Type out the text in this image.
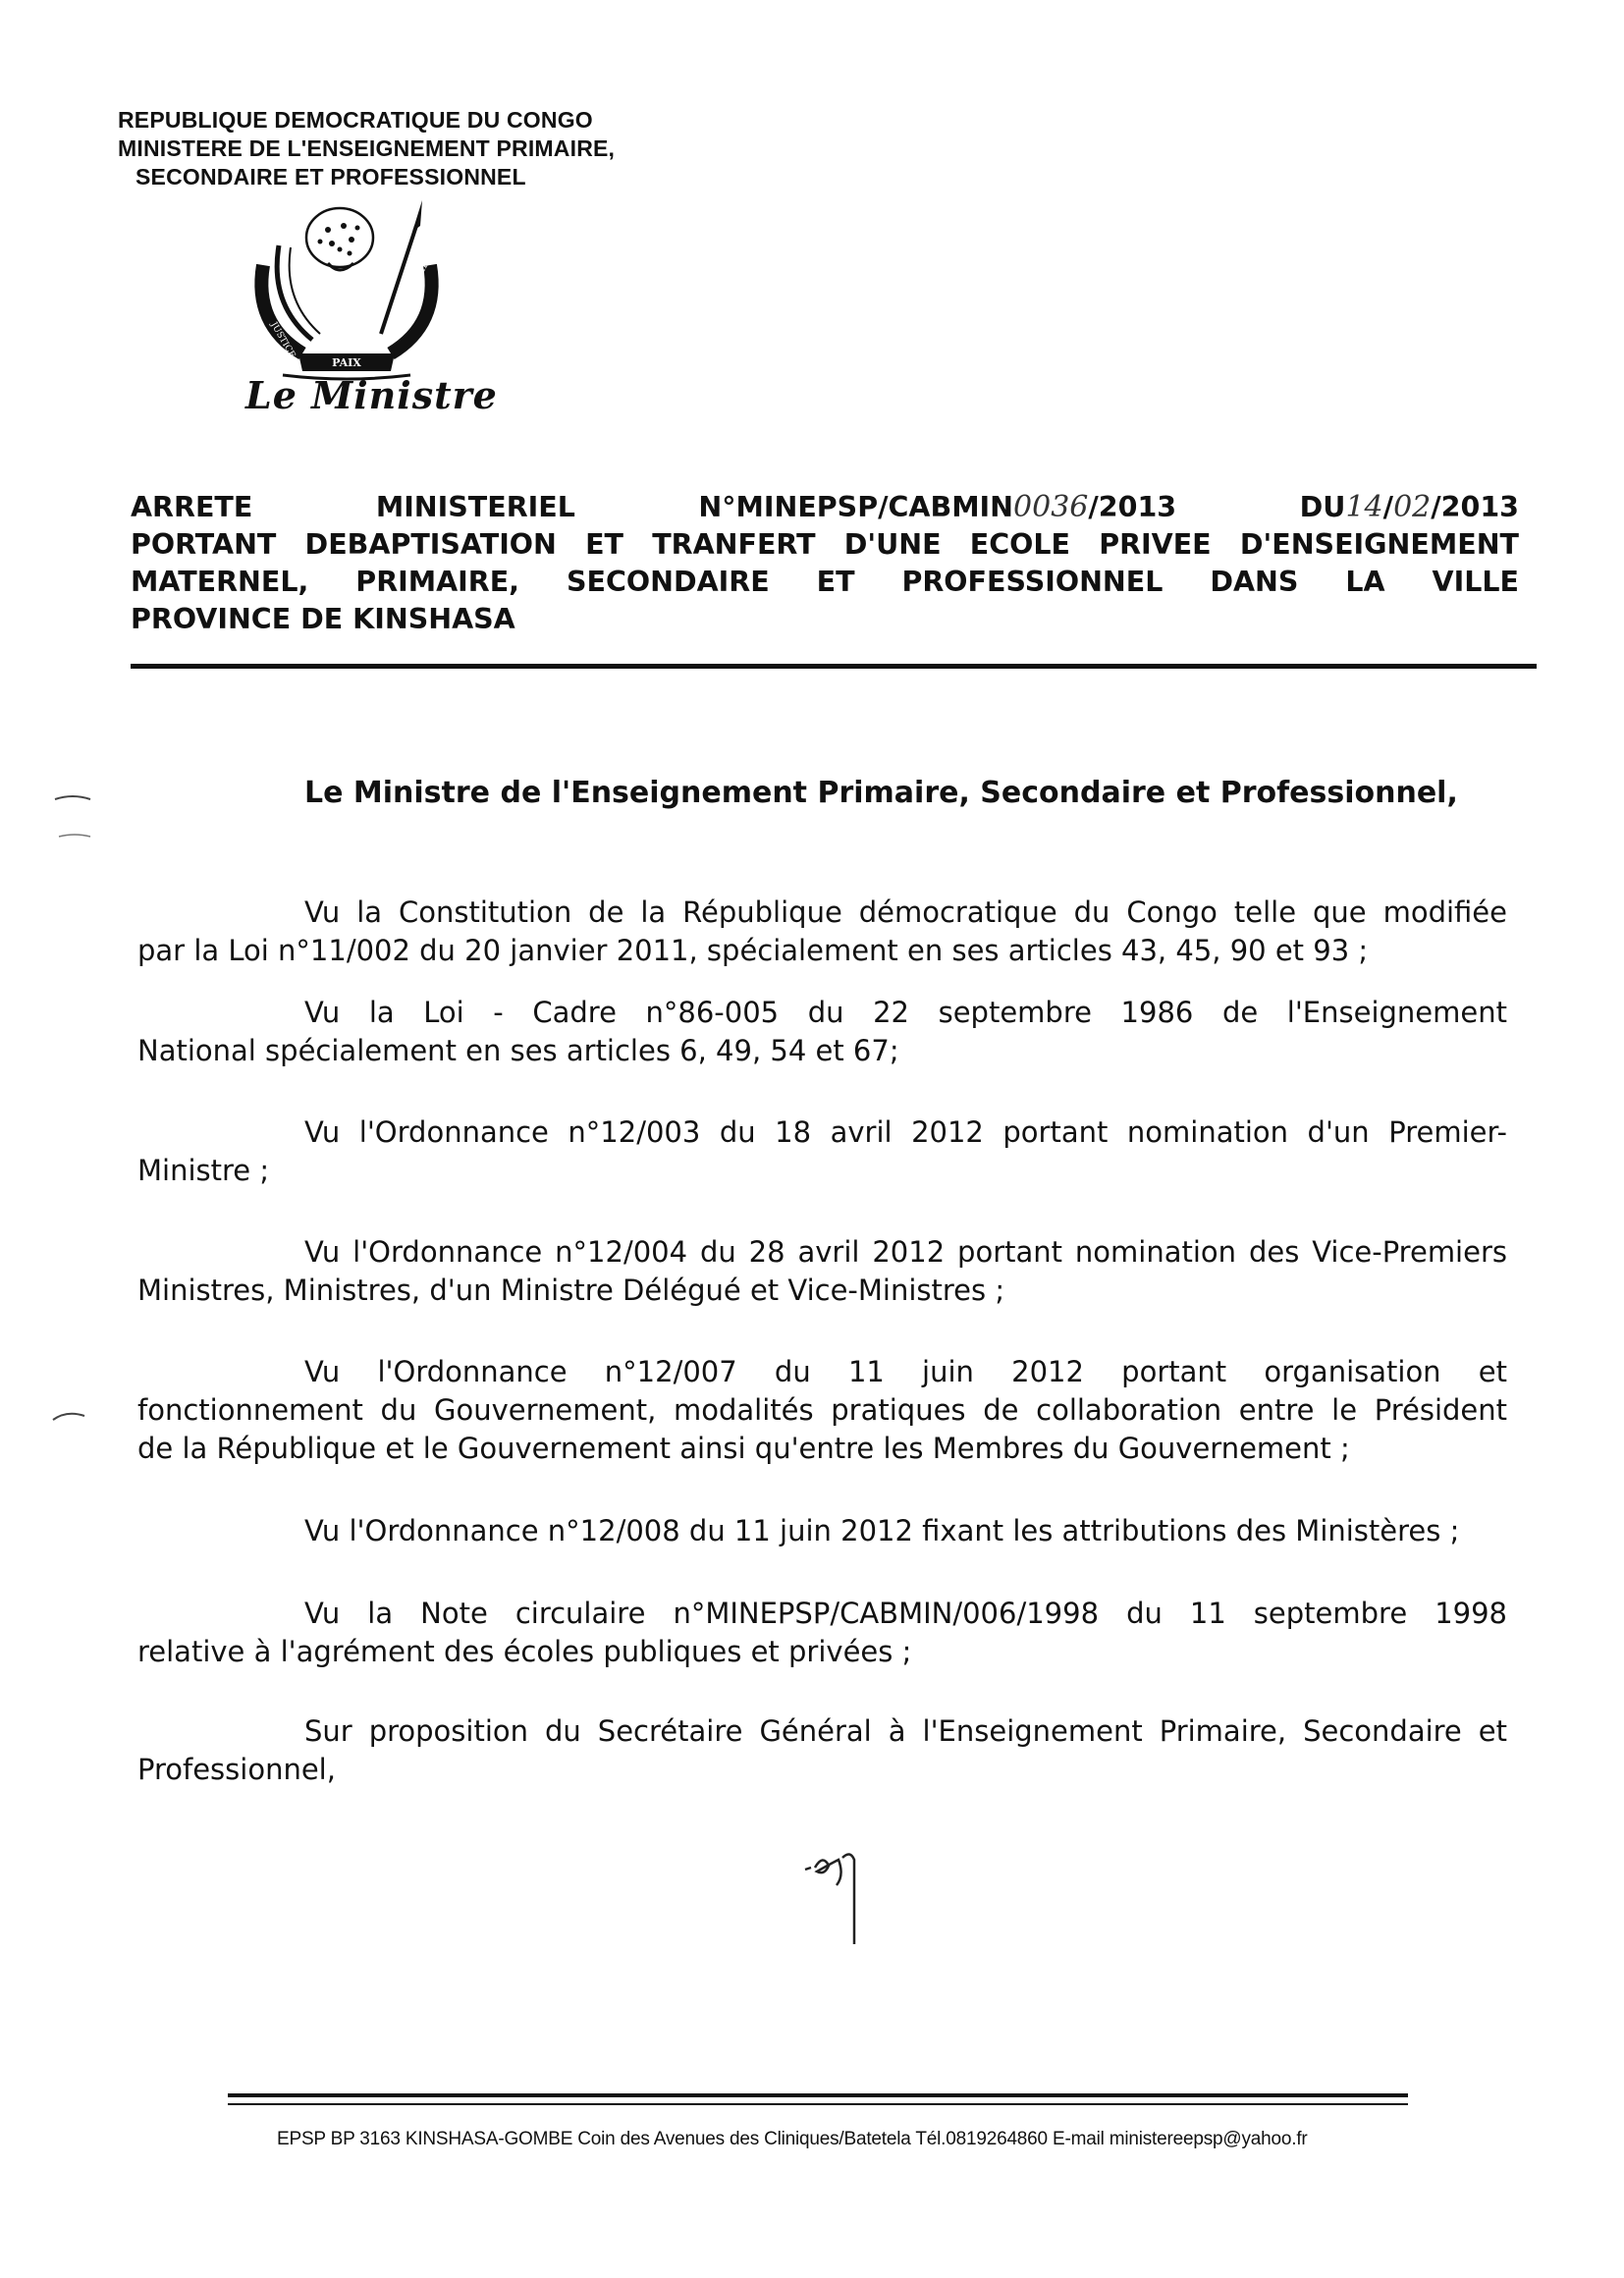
REPUBLIQUE DEMOCRATIQUE DU CONGO
MINISTERE DE L'ENSEIGNEMENT PRIMAIRE,
SECONDAIRE ET PROFESSIONNEL
JUSTICE
TRAVAIL
PAIX
Le Ministre
ARRETE	MINISTERIEL	N°MINEPSP/CABMIN0036/2013	DU14/02/2013
PORTANT DEBAPTISATION ET TRANFERT D'UNE ECOLE PRIVEE D'ENSEIGNEMENT
MATERNEL, PRIMAIRE, SECONDAIRE ET PROFESSIONNEL DANS LA VILLE
PROVINCE DE KINSHASA
Le Ministre de l'Enseignement Primaire, Secondaire et Professionnel,
Vu la Constitution de la République démocratique du Congo telle que modifiée
par la Loi n°11/002 du 20 janvier 2011, spécialement en ses articles 43, 45, 90 et 93 ;
Vu la Loi - Cadre n°86-005 du 22 septembre 1986 de l'Enseignement
National spécialement en ses articles 6, 49, 54 et 67;
Vu l'Ordonnance n°12/003 du 18 avril 2012 portant nomination d'un Premier-
Ministre ;
Vu l'Ordonnance n°12/004 du 28 avril 2012 portant nomination des Vice-Premiers
Ministres, Ministres, d'un Ministre Délégué et Vice-Ministres ;
Vu l'Ordonnance n°12/007 du 11 juin 2012 portant organisation et
fonctionnement du Gouvernement, modalités pratiques de collaboration entre le Président
de la République et le Gouvernement ainsi qu'entre les Membres du Gouvernement ;
Vu l'Ordonnance n°12/008 du 11 juin 2012 fixant les attributions des Ministères ;
Vu la Note circulaire n°MINEPSP/CABMIN/006/1998 du 11 septembre 1998
relative à l'agrément des écoles publiques et privées ;
Sur proposition du Secrétaire Général à l'Enseignement Primaire, Secondaire et
Professionnel,
EPSP BP 3163 KINSHASA-GOMBE Coin des Avenues des Cliniques/Batetela Tél.0819264860 E-mail ministereepsp@yahoo.fr
